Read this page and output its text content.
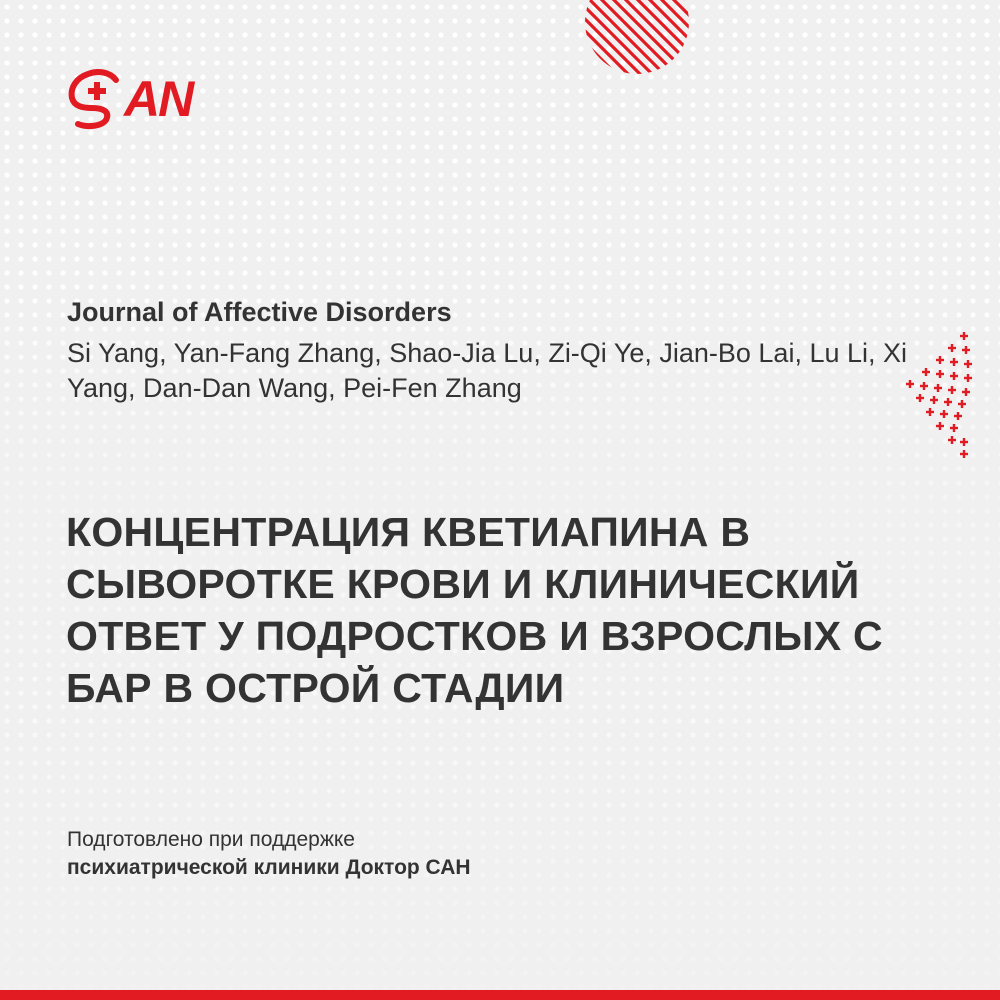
AN

Journal of Affective Disorders

Si Yang, Yan-Fang Zhang, Shao-Jia Lu, Zi-Qi Ye, Jian-Bo Lai, Lu Li, Xi Yang, Dan-Dan Wang, Pei-Fen Zhang

КОНЦЕНТРАЦИЯ КВЕТИАПИНА В СЫВОРОТКЕ КРОВИ И КЛИНИЧЕСКИЙ ОТВЕТ У ПОДРОСТКОВ И ВЗРОСЛЫХ С БАР В ОСТРОЙ СТАДИИ

Подготовлено при поддержке
психиатрической клиники Доктор САН
